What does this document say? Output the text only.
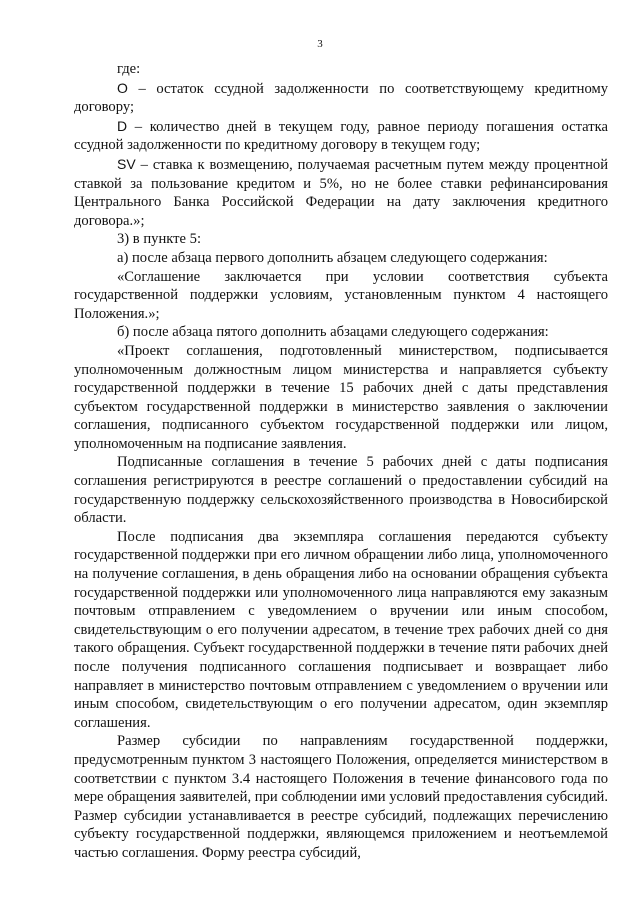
3

где:

O – остаток ссудной задолженности по соответствующему кредитному договору;

D – количество дней в текущем году, равное периоду погашения остатка ссудной задолженности по кредитному договору в текущем году;

SV – ставка к возмещению, получаемая расчетным путем между процентной ставкой за пользование кредитом и 5%, но не более ставки рефинансирования Центрального Банка Российской Федерации на дату заключения кредитного договора.»;

3) в пункте 5:

а) после абзаца первого дополнить абзацем следующего содержания:

«Соглашение заключается при условии соответствия субъекта государственной поддержки условиям, установленным пунктом 4 настоящего Положения.»;

б) после абзаца пятого дополнить абзацами следующего содержания:

«Проект соглашения, подготовленный министерством, подписывается уполномоченным должностным лицом министерства и направляется субъекту государственной поддержки в течение 15 рабочих дней с даты представления субъектом государственной поддержки в министерство заявления о заключении соглашения, подписанного субъектом государственной поддержки или лицом, уполномоченным на подписание заявления.

Подписанные соглашения в течение 5 рабочих дней с даты подписания соглашения регистрируются в реестре соглашений о предоставлении субсидий на государственную поддержку сельскохозяйственного производства в Новосибирской области.

После подписания два экземпляра соглашения передаются субъекту государственной поддержки при его личном обращении либо лица, уполномоченного на получение соглашения, в день обращения либо на основании обращения субъекта государственной поддержки или уполномоченного лица направляются ему заказным почтовым отправлением с уведомлением о вручении или иным способом, свидетельствующим о его получении адресатом, в течение трех рабочих дней со дня такого обращения. Субъект государственной поддержки в течение пяти рабочих дней после получения подписанного соглашения подписывает и возвращает либо направляет в министерство почтовым отправлением с уведомлением о вручении или иным способом, свидетельствующим о его получении адресатом, один экземпляр соглашения.

Размер субсидии по направлениям государственной поддержки, предусмотренным пунктом 3 настоящего Положения, определяется министерством в соответствии с пунктом 3.4 настоящего Положения в течение финансового года по мере обращения заявителей, при соблюдении ими условий предоставления субсидий. Размер субсидии устанавливается в реестре субсидий, подлежащих перечислению субъекту государственной поддержки, являющемся приложением и неотъемлемой частью соглашения. Форму реестра субсидий,
